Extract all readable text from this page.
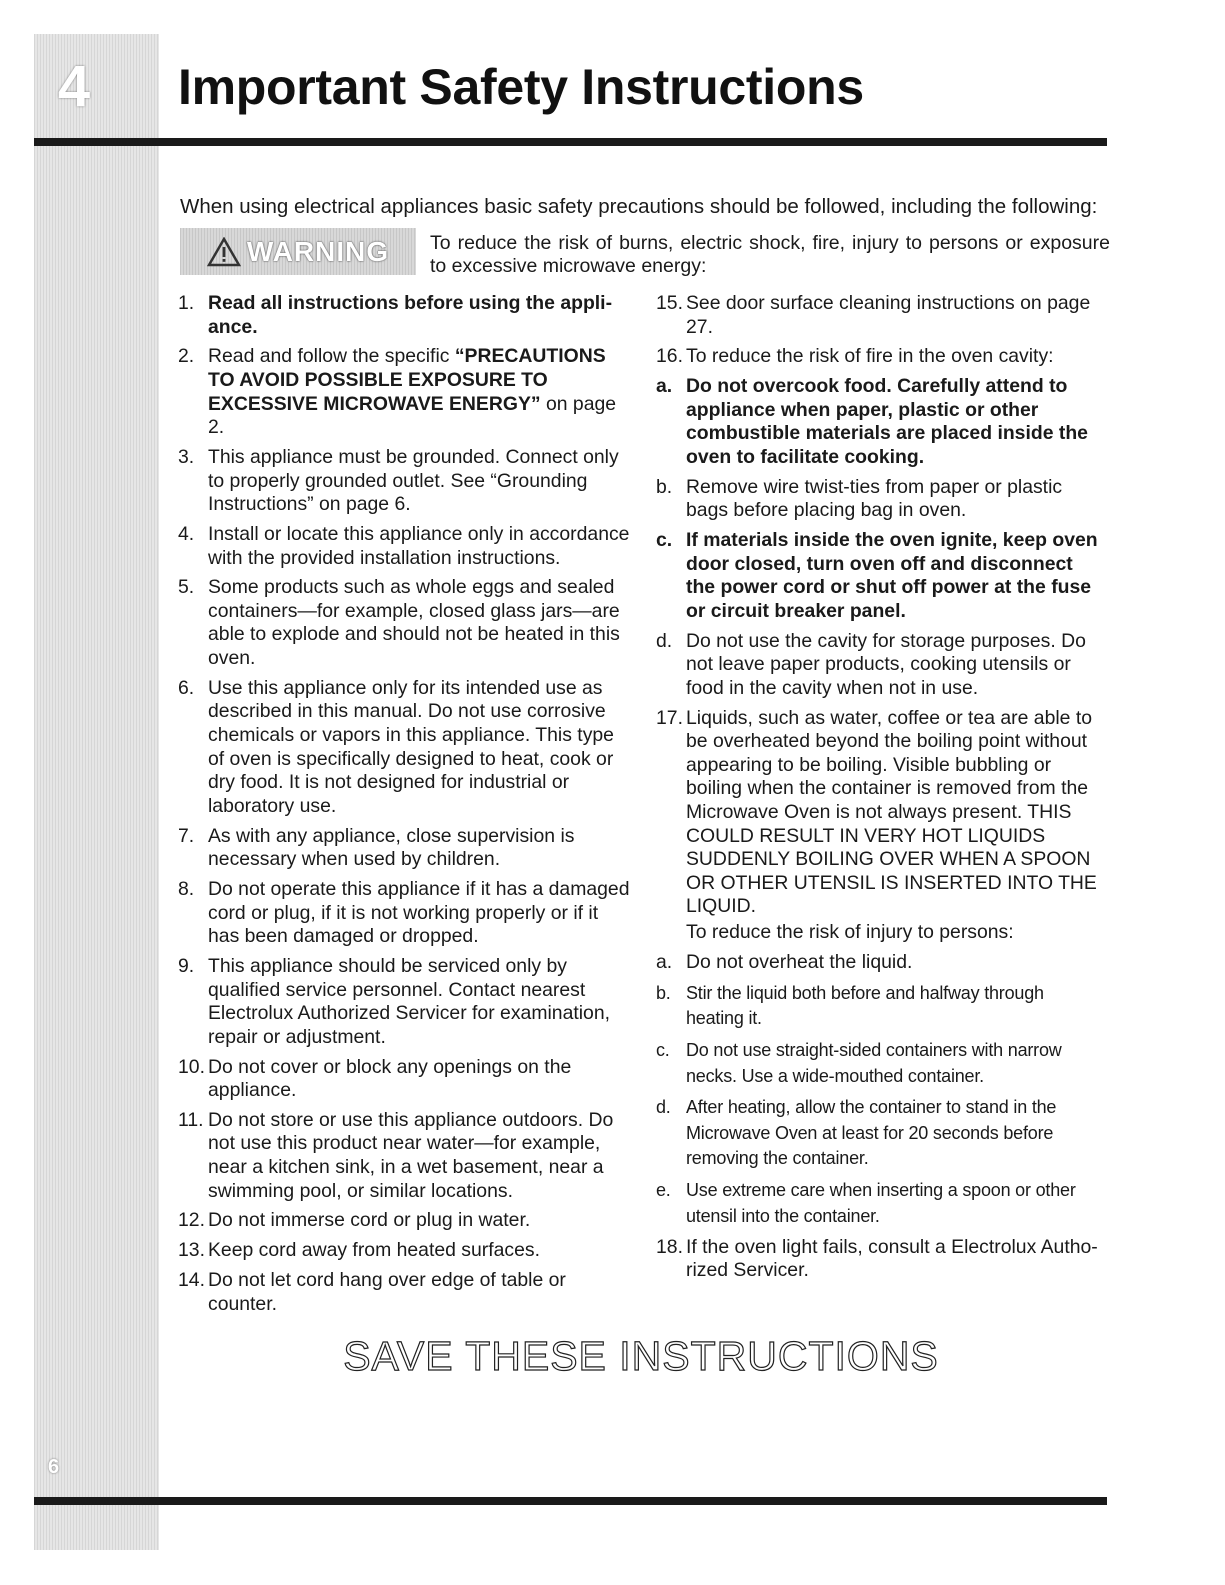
4
6
Important Safety Instructions

When using electrical appliances basic safety precautions should be followed, including the following:

WARNING To reduce the risk of burns, electric shock, fire, injury to persons or exposure to excessive microwave energy:

1. Read all instructions before using the appli- ance.
2. Read and follow the specific “PRECAUTIONS TO AVOID POSSIBLE EXPOSURE TO EXCESSIVE MICROWAVE ENERGY” on page 2.
3. This appliance must be grounded. Connect only to properly grounded outlet. See “Grounding Instructions” on page 6.
4. Install or locate this appliance only in accordance with the provided installation instructions.
5. Some products such as whole eggs and sealed containers—for example, closed glass jars—are able to explode and should not be heated in this oven.
6. Use this appliance only for its intended use as described in this manual. Do not use corrosive chemicals or vapors in this appliance. This type of oven is specifically designed to heat, cook or dry food. It is not designed for industrial or laboratory use.
7. As with any appliance, close supervision is necessary when used by children.
8. Do not operate this appliance if it has a damaged cord or plug, if it is not working properly or if it has been damaged or dropped.
9. This appliance should be serviced only by qualified service personnel. Contact nearest Electrolux Authorized Servicer for examination, repair or adjustment.
10. Do not cover or block any openings on the appliance.
11. Do not store or use this appliance outdoors. Do not use this product near water—for example, near a kitchen sink, in a wet basement, near a swimming pool, or similar locations.
12. Do not immerse cord or plug in water.
13. Keep cord away from heated surfaces.
14. Do not let cord hang over edge of table or counter.
15. See door surface cleaning instructions on page 27.
16. To reduce the risk of fire in the oven cavity:
a. Do not overcook food. Carefully attend to appliance when paper, plastic or other combustible materials are placed inside the oven to facilitate cooking.
b. Remove wire twist-ties from paper or plastic bags before placing bag in oven.
c. If materials inside the oven ignite, keep oven door closed, turn oven off and disconnect the power cord or shut off power at the fuse or circuit breaker panel.
d. Do not use the cavity for storage purposes. Do not leave paper products, cooking utensils or food in the cavity when not in use.
17. Liquids, such as water, coffee or tea are able to be overheated beyond the boiling point without appearing to be boiling. Visible bubbling or boiling when the container is removed from the Microwave Oven is not always present. THIS COULD RESULT IN VERY HOT LIQUIDS SUDDENLY BOILING OVER WHEN A SPOON OR OTHER UTENSIL IS INSERTED INTO THE LIQUID.
To reduce the risk of injury to persons:
a. Do not overheat the liquid.
b. Stir the liquid both before and halfway through heating it.
c. Do not use straight-sided containers with narrow necks. Use a wide-mouthed container.
d. After heating, allow the container to stand in the Microwave Oven at least for 20 seconds before removing the container.
e. Use extreme care when inserting a spoon or other utensil into the container.
18. If the oven light fails, consult a Electrolux Autho- rized Servicer.
SAVE THESE INSTRUCTIONS
